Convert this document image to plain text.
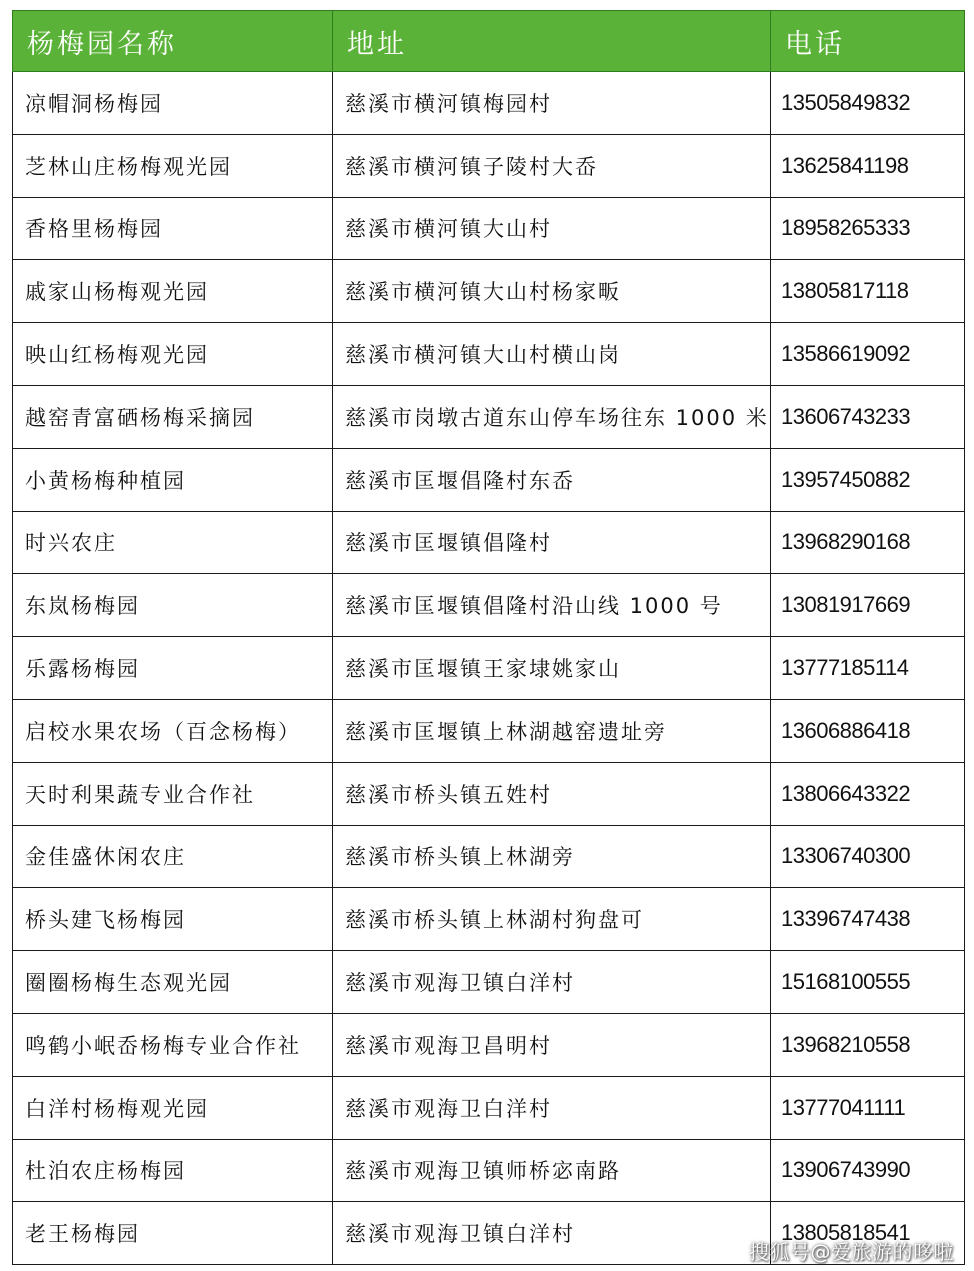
杨梅园名称	地址	电话
凉帽洞杨梅园	慈溪市横河镇梅园村	13505849832
芝林山庄杨梅观光园	慈溪市横河镇子陵村大岙	13625841198
香格里杨梅园	慈溪市横河镇大山村	18958265333
戚家山杨梅观光园	慈溪市横河镇大山村杨家畈	13805817118
映山红杨梅观光园	慈溪市横河镇大山村横山岗	13586619092
越窑青富硒杨梅采摘园	慈溪市岗墩古道东山停车场往东 1000 米	13606743233
小黄杨梅种植园	慈溪市匡堰倡隆村东岙	13957450882
时兴农庄	慈溪市匡堰镇倡隆村	13968290168
东岚杨梅园	慈溪市匡堰镇倡隆村沿山线 1000 号	13081917669
乐露杨梅园	慈溪市匡堰镇王家埭姚家山	13777185114
启校水果农场（百念杨梅）	慈溪市匡堰镇上林湖越窑遗址旁	13606886418
天时利果蔬专业合作社	慈溪市桥头镇五姓村	13806643322
金佳盛休闲农庄	慈溪市桥头镇上林湖旁	13306740300
桥头建飞杨梅园	慈溪市桥头镇上林湖村狗盘可	13396747438
圈圈杨梅生态观光园	慈溪市观海卫镇白洋村	15168100555
鸣鹤小岷岙杨梅专业合作社	慈溪市观海卫昌明村	13968210558
白洋村杨梅观光园	慈溪市观海卫白洋村	13777041111
杜泊农庄杨梅园	慈溪市观海卫镇师桥宓南路	13906743990
老王杨梅园	慈溪市观海卫镇白洋村	13805818541
搜狐号@爱旅游的哆啦
